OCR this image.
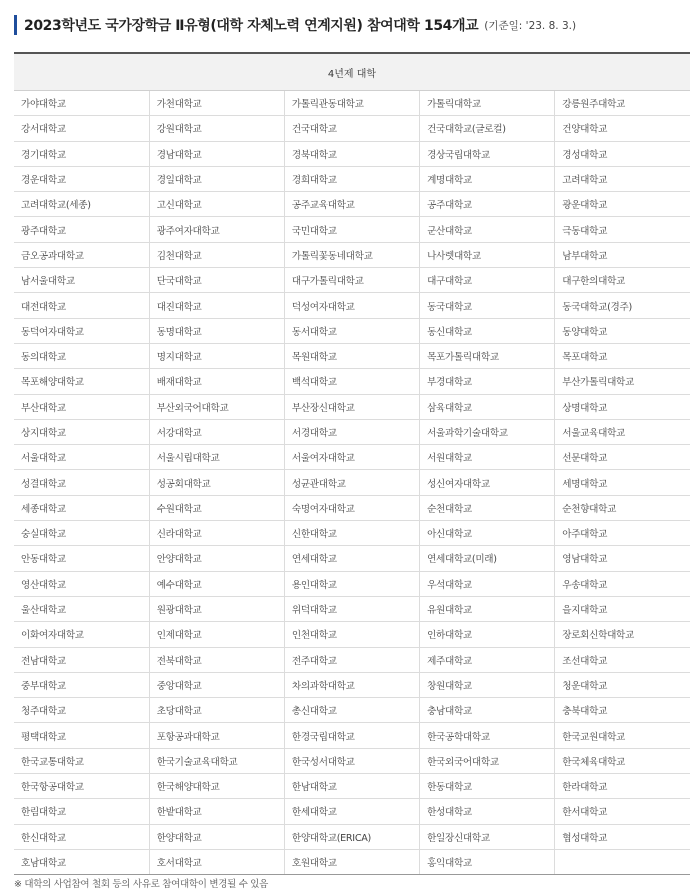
2023학년도 국가장학금 Ⅱ유형(대학 자체노력 연계지원) 참여대학 154개교 (기준일: '23. 8. 3.)
4년제 대학				
가야대학교	가천대학교	가톨릭관동대학교	가톨릭대학교	강릉원주대학교
강서대학교	강원대학교	건국대학교	건국대학교(글로컬)	건양대학교
경기대학교	경남대학교	경북대학교	경상국립대학교	경성대학교
경운대학교	경일대학교	경희대학교	계명대학교	고려대학교
고려대학교(세종)	고신대학교	공주교육대학교	공주대학교	광운대학교
광주대학교	광주여자대학교	국민대학교	군산대학교	극동대학교
금오공과대학교	김천대학교	가톨릭꽃동네대학교	나사렛대학교	남부대학교
남서울대학교	단국대학교	대구가톨릭대학교	대구대학교	대구한의대학교
대전대학교	대진대학교	덕성여자대학교	동국대학교	동국대학교(경주)
동덕여자대학교	동명대학교	동서대학교	동신대학교	동양대학교
동의대학교	명지대학교	목원대학교	목포가톨릭대학교	목포대학교
목포해양대학교	배재대학교	백석대학교	부경대학교	부산가톨릭대학교
부산대학교	부산외국어대학교	부산장신대학교	삼육대학교	상명대학교
상지대학교	서강대학교	서경대학교	서울과학기술대학교	서울교육대학교
서울대학교	서울시립대학교	서울여자대학교	서원대학교	선문대학교
성결대학교	성공회대학교	성균관대학교	성신여자대학교	세명대학교
세종대학교	수원대학교	숙명여자대학교	순천대학교	순천향대학교
숭실대학교	신라대학교	신한대학교	아신대학교	아주대학교
안동대학교	안양대학교	연세대학교	연세대학교(미래)	영남대학교
영산대학교	예수대학교	용인대학교	우석대학교	우송대학교
울산대학교	원광대학교	위덕대학교	유원대학교	을지대학교
이화여자대학교	인제대학교	인천대학교	인하대학교	장로회신학대학교
전남대학교	전북대학교	전주대학교	제주대학교	조선대학교
중부대학교	중앙대학교	차의과학대학교	창원대학교	청운대학교
청주대학교	초당대학교	총신대학교	충남대학교	충북대학교
평택대학교	포항공과대학교	한경국립대학교	한국공학대학교	한국교원대학교
한국교통대학교	한국기술교육대학교	한국성서대학교	한국외국어대학교	한국체육대학교
한국항공대학교	한국해양대학교	한남대학교	한동대학교	한라대학교
한림대학교	한밭대학교	한세대학교	한성대학교	한서대학교
한신대학교	한양대학교	한양대학교(ERICA)	한일장신대학교	협성대학교
호남대학교	호서대학교	호원대학교	홍익대학교	
※ 대학의 사업참여 철회 등의 사유로 참여대학이 변경될 수 있음
